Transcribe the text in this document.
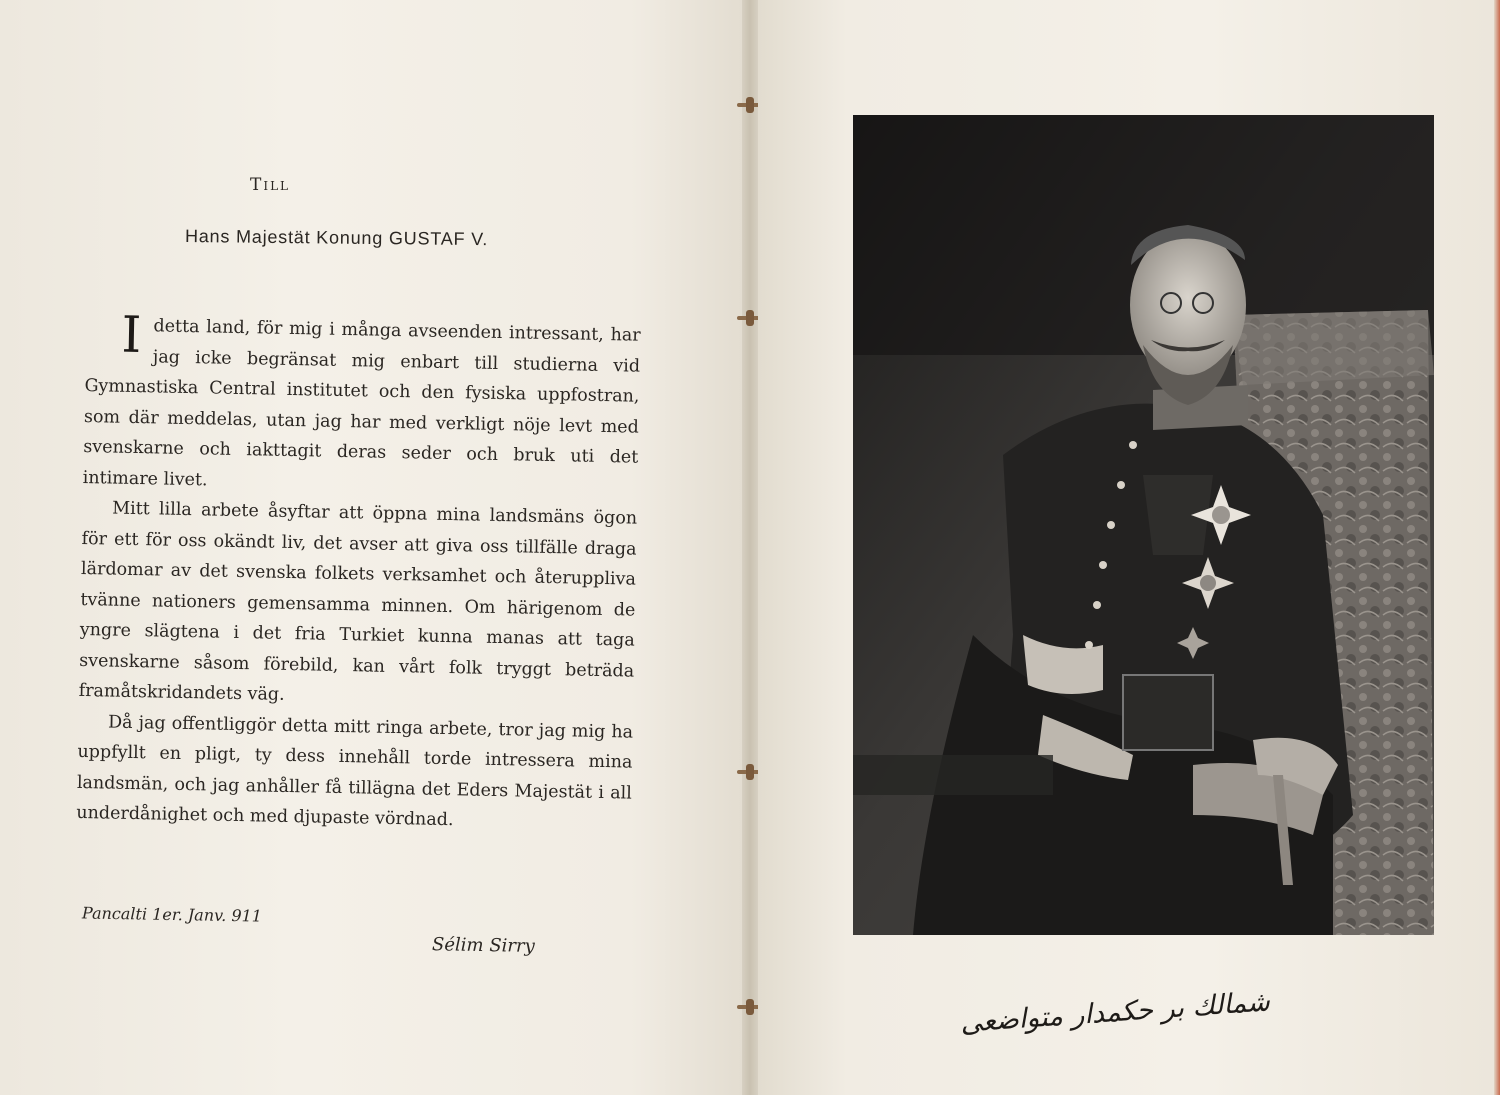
Till
Hans Majestät Konung GUSTAF V.

I detta land, för mig i många avseenden intressant, har jag icke begränsat mig enbart till studierna vid Gymnastiska Central institutet och den fysiska uppfostran, som där meddelas, utan jag har med verkligt nöje levt med svenskarne och iakttagit deras seder och bruk uti det intimare livet.

Mitt lilla arbete åsyftar att öppna mina landsmäns ögon för ett för oss okändt liv, det avser att giva oss tillfälle draga lärdomar av det svenska folkets verksamhet och återuppliva tvänne nationers gemensamma minnen. Om härigenom de yngre slägtena i det fria Turkiet kunna manas att taga svenskarne såsom förebild, kan vårt folk tryggt beträda framåtskridandets väg.

Då jag offentliggör detta mitt ringa arbete, tror jag mig ha uppfyllt en pligt, ty dess innehåll torde intressera mina landsmän, och jag anhåller få tillägna det Eders Majestät i all underdånighet och med djupaste vördnad.

Pancalti 1er. Janv. 911
Sélim Sirry
شمالك بر حكمدار متواضعى
